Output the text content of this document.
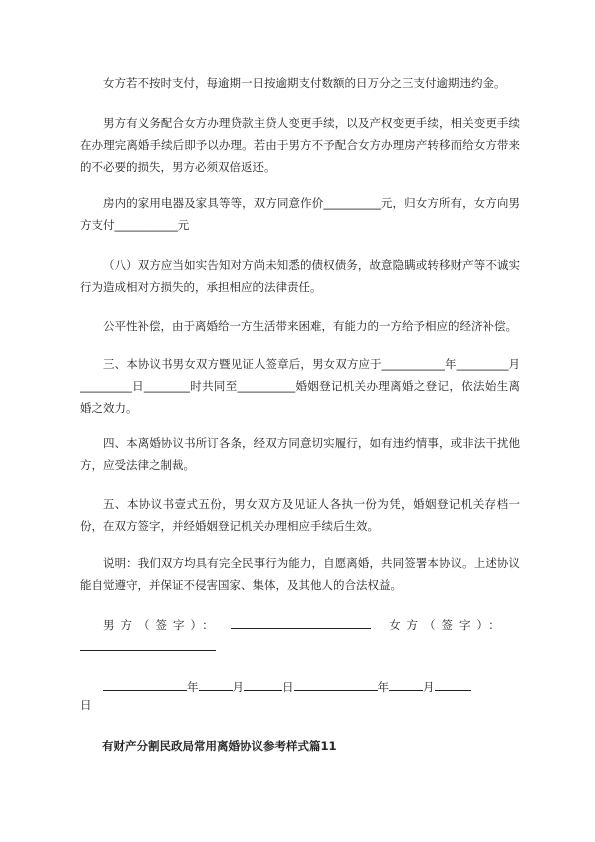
女方若不按时支付，每逾期一日按逾期支付数额的日万分之三支付逾期违约金。

男方有义务配合女方办理贷款主贷人变更手续，以及产权变更手续，相关变更手续在办理完离婚手续后即予以办理。若由于男方不予配合女方办理房产转移而给女方带来的不必要的损失，男方必须双倍返还。

房内的家用电器及家具等等，双方同意作价__________元，归女方所有，女方向男方支付___________元

（八）双方应当如实告知对方尚未知悉的债权债务，故意隐瞒或转移财产等不诚实行为造成相对方损失的，承担相应的法律责任。

公平性补偿，由于离婚给一方生活带来困难，有能力的一方给予相应的经济补偿。

三、本协议书男女双方暨见证人签章后，男女双方应于___________年_________月_________日________时共同至__________婚姻登记机关办理离婚之登记，依法始生离婚之效力。

四、本离婚协议书所订各条，经双方同意切实履行，如有违约情事，或非法干扰他方，应受法律之制裁。

五、本协议书壹式五份，男女双方及见证人各执一份为凭，婚姻登记机关存档一份，在双方签字，并经婚姻登记机关办理相应手续后生效。

说明：我们双方均具有完全民事行为能力，自愿离婚，共同签署本协议。上述协议能自觉遵守，并保证不侵害国家、集体，及其他人的合法权益。

男方（签字）：	女方（签字）：
年	月	日	年	月
日

有财产分割民政局常用离婚协议参考样式篇11
